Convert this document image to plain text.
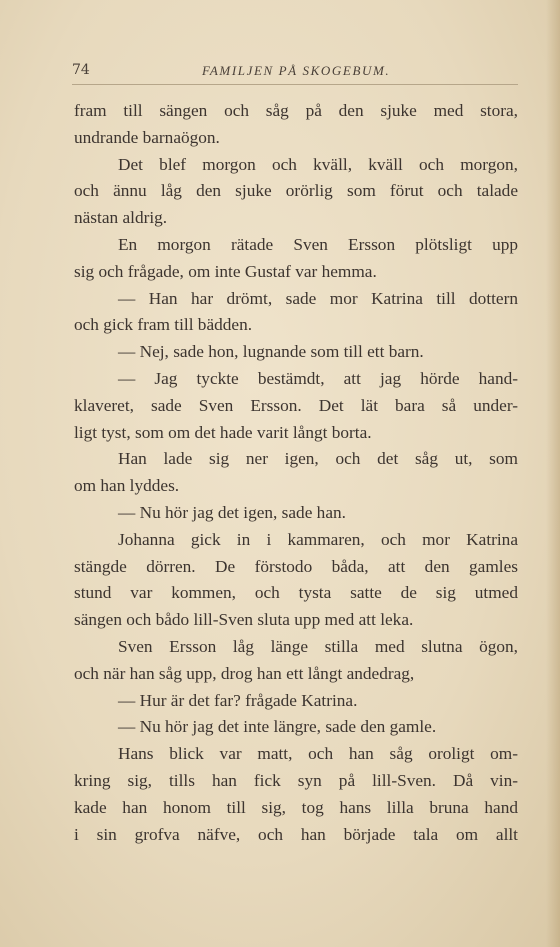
74	FAMILJEN PÅ SKOGEBUM.
fram till sängen och såg på den sjuke med stora,
undrande barnaögon.
Det blef morgon och kväll, kväll och morgon,
och ännu låg den sjuke orörlig som förut och talade
nästan aldrig.
En morgon rätade Sven Ersson plötsligt upp
sig och frågade, om inte Gustaf var hemma.
— Han har drömt, sade mor Katrina till dottern
och gick fram till bädden.
— Nej, sade hon, lugnande som till ett barn.
— Jag tyckte bestämdt, att jag hörde hand-
klaveret, sade Sven Ersson. Det lät bara så under-
ligt tyst, som om det hade varit långt borta.
Han lade sig ner igen, och det såg ut, som
om han lyddes.
— Nu hör jag det igen, sade han.
Johanna gick in i kammaren, och mor Katrina
stängde dörren. De förstodo båda, att den gamles
stund var kommen, och tysta satte de sig utmed
sängen och bådo lill-Sven sluta upp med att leka.
Sven Ersson låg länge stilla med slutna ögon,
och när han såg upp, drog han ett långt andedrag,
— Hur är det far? frågade Katrina.
— Nu hör jag det inte längre, sade den gamle.
Hans blick var matt, och han såg oroligt om-
kring sig, tills han fick syn på lill-Sven. Då vin-
kade han honom till sig, tog hans lilla bruna hand
i sin grofva näfve, och han började tala om allt
